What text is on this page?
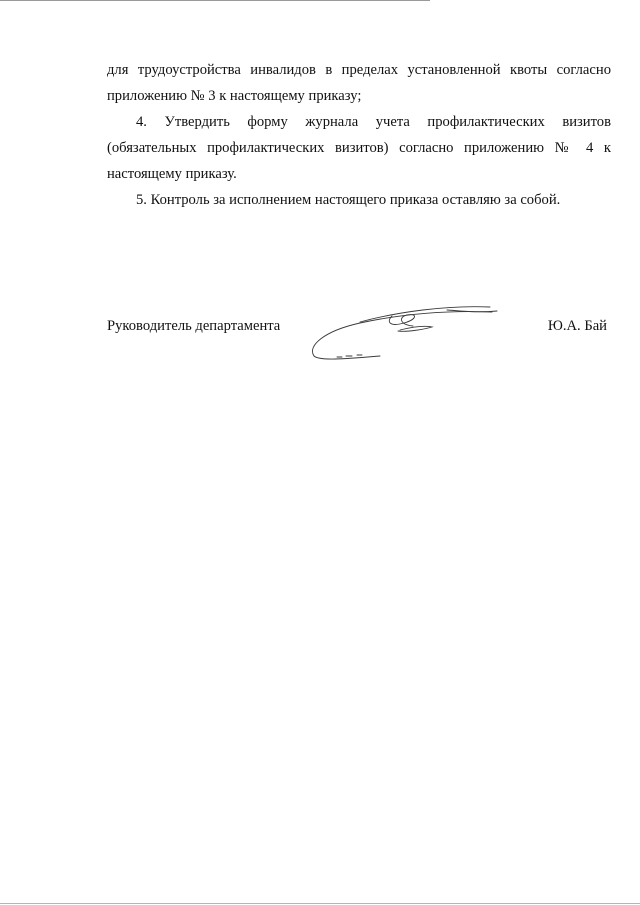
для трудоустройства инвалидов в пределах установленной квоты согласно
приложению № 3 к настоящему приказу;
4. Утвердить форму журнала учета профилактических визитов
(обязательных профилактических визитов) согласно приложению № 4 к
настоящему приказу.
5. Контроль за исполнением настоящего приказа оставляю за собой.
Руководитель департамента	Ю.А. Бай
